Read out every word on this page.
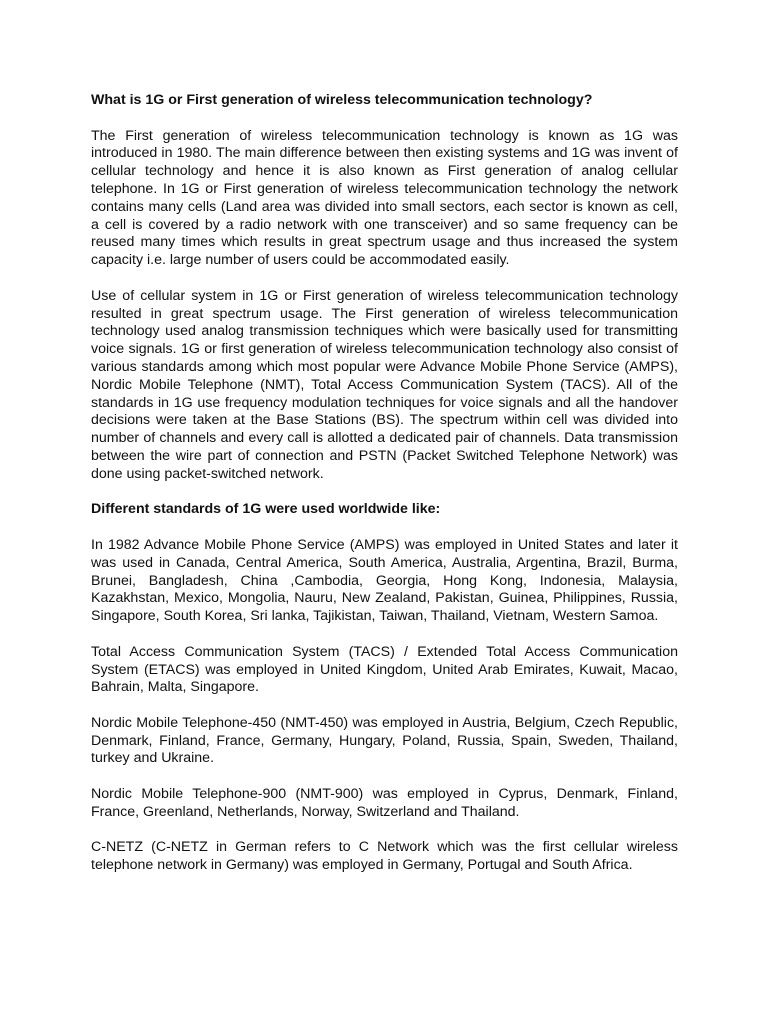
What is 1G or First generation of wireless telecommunication technology?

The First generation of wireless telecommunication technology is known as 1G was introduced in 1980. The main difference between then existing systems and 1G was invent of cellular technology and hence it is also known as First generation of analog cellular telephone. In 1G or First generation of wireless telecommunication technology the network contains many cells (Land area was divided into small sectors, each sector is known as cell, a cell is covered by a radio network with one transceiver) and so same frequency can be reused many times which results in great spectrum usage and thus increased the system capacity i.e. large number of users could be accommodated easily.

Use of cellular system in 1G or First generation of wireless telecommunication technology resulted in great spectrum usage. The First generation of wireless telecommunication technology used analog transmission techniques which were basically used for transmitting voice signals. 1G or first generation of wireless telecommunication technology also consist of various standards among which most popular were Advance Mobile Phone Service (AMPS), Nordic Mobile Telephone (NMT), Total Access Communication System (TACS). All of the standards in 1G use frequency modulation techniques for voice signals and all the handover decisions were taken at the Base Stations (BS). The spectrum within cell was divided into number of channels and every call is allotted a dedicated pair of channels. Data transmission between the wire part of connection and PSTN (Packet Switched Telephone Network) was done using packet-switched network.

Different standards of 1G were used worldwide like:

In 1982 Advance Mobile Phone Service (AMPS) was employed in United States and later it was used in Canada, Central America, South America, Australia, Argentina, Brazil, Burma, Brunei, Bangladesh, China ,Cambodia, Georgia, Hong Kong, Indonesia, Malaysia, Kazakhstan, Mexico, Mongolia, Nauru, New Zealand, Pakistan, Guinea, Philippines, Russia, Singapore, South Korea, Sri lanka, Tajikistan, Taiwan, Thailand, Vietnam, Western Samoa.

Total Access Communication System (TACS) / Extended Total Access Communication System (ETACS) was employed in United Kingdom, United Arab Emirates, Kuwait, Macao, Bahrain, Malta, Singapore.

Nordic Mobile Telephone-450 (NMT-450) was employed in Austria, Belgium, Czech Republic, Denmark, Finland, France, Germany, Hungary, Poland, Russia, Spain, Sweden, Thailand, turkey and Ukraine.

Nordic Mobile Telephone-900 (NMT-900) was employed in Cyprus, Denmark, Finland, France, Greenland, Netherlands, Norway, Switzerland and Thailand.

C-NETZ (C-NETZ in German refers to C Network which was the first cellular wireless telephone network in Germany) was employed in Germany, Portugal and South Africa.
